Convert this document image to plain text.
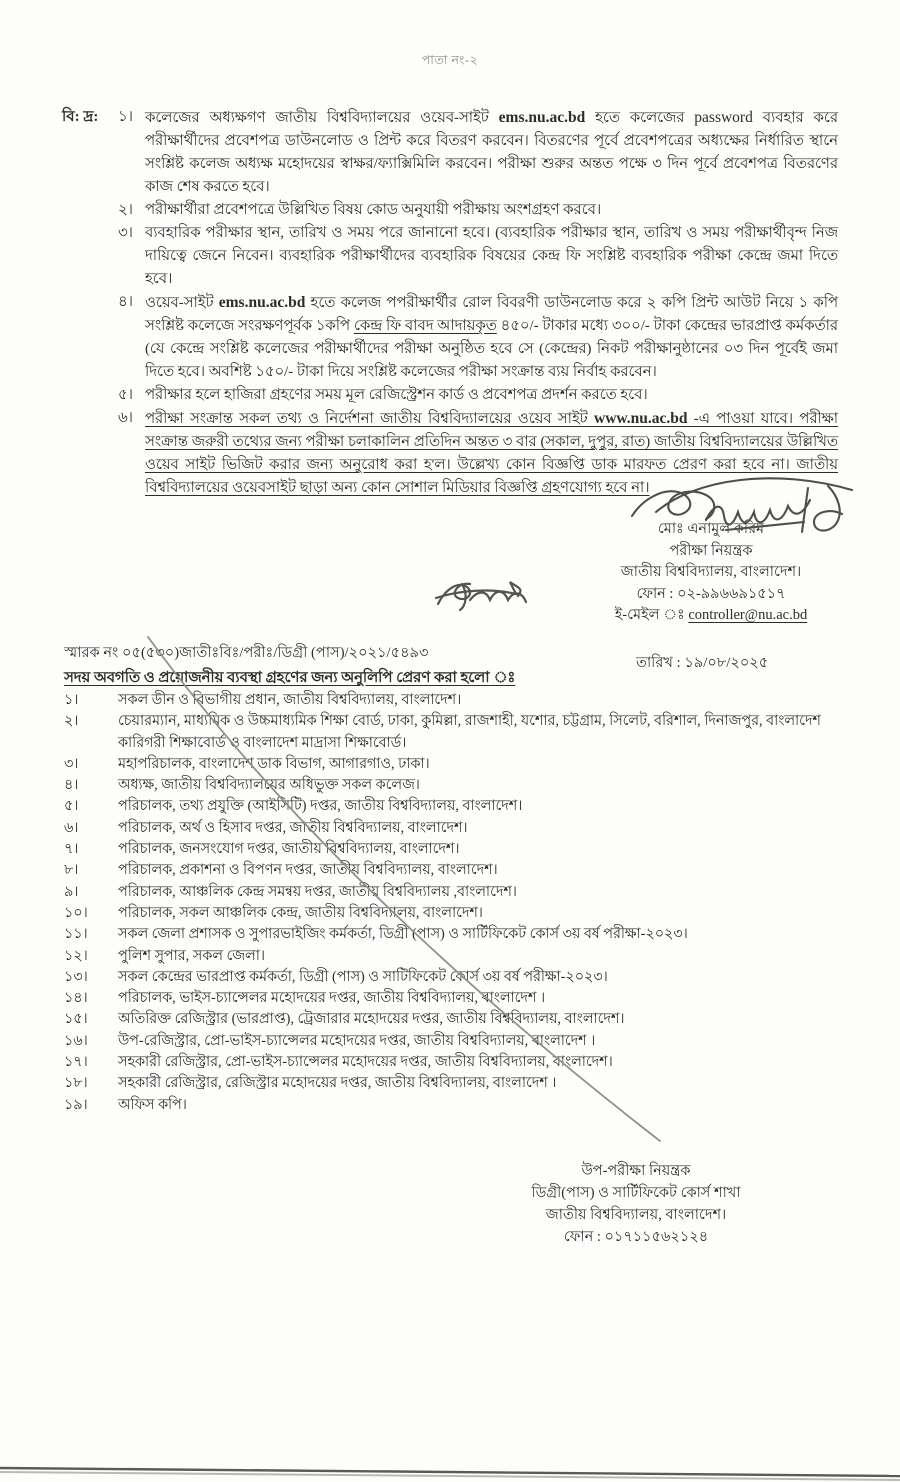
পাতা নং-২
বি: দ্র:	১। কলেজের অধ্যক্ষগণ জাতীয় বিশ্ববিদ্যালয়ের ওয়েব-সাইট ems.nu.ac.bd হতে কলেজের password ব্যবহার করে পরীক্ষার্থীদের প্রবেশপত্র ডাউনলোড ও প্রিন্ট করে বিতরণ করবেন। বিতরণের পূর্বে প্রবেশপত্রের অধ্যক্ষের নির্ধারিত স্থানে সংশ্লিষ্ট কলেজ অধ্যক্ষ মহোদয়ের স্বাক্ষর/ফ্যাক্সিমিলি করবেন। পরীক্ষা শুরুর অন্তত পক্ষে ৩ দিন পূর্বে প্রবেশপত্র বিতরণের কাজ শেষ করতে হবে।
২। পরীক্ষার্থীরা প্রবেশপত্রে উল্লিখিত বিষয় কোড অনুযায়ী পরীক্ষায় অংশগ্রহণ করবে।
৩। ব্যবহারিক পরীক্ষার স্থান, তারিখ ও সময় পরে জানানো হবে। (ব্যবহারিক পরীক্ষার স্থান, তারিখ ও সময় পরীক্ষার্থীবৃন্দ নিজ দায়িত্বে জেনে নিবেন। ব্যবহারিক পরীক্ষার্থীদের ব্যবহারিক বিষয়ের কেন্দ্র ফি সংশ্লিষ্ট ব্যবহারিক পরীক্ষা কেন্দ্রে জমা দিতে হবে।
৪। ওয়েব-সাইট ems.nu.ac.bd হতে কলেজ পপরীক্ষার্থীর রোল বিবরণী ডাউনলোড করে ২ কপি প্রিন্ট আউট নিয়ে ১ কপি সংশ্লিষ্ট কলেজে সংরক্ষণপূর্বক ১কপি কেন্দ্র ফি বাবদ আদায়কৃত ৪৫০/- টাকার মধ্যে ৩০০/- টাকা কেন্দ্রের ভারপ্রাপ্ত কর্মকর্তার (যে কেন্দ্রে সংশ্লিষ্ট কলেজের পরীক্ষার্থীদের পরীক্ষা অনুষ্ঠিত হবে সে (কেন্দ্রের) নিকট পরীক্ষানুষ্ঠানের ০৩ দিন পূর্বেই জমা দিতে হবে। অবশিষ্ট ১৫০/- টাকা দিয়ে সংশ্লিষ্ট কলেজের পরীক্ষা সংক্রান্ত ব্যয় নির্বাহ করবেন।
৫। পরীক্ষার হলে হাজিরা গ্রহণের সময় মূল রেজিস্ট্রেশন কার্ড ও প্রবেশপত্র প্রদর্শন করতে হবে।
৬। পরীক্ষা সংক্রান্ত সকল তথ্য ও নির্দেশনা জাতীয় বিশ্ববিদ্যালয়ের ওয়েব সাইট www.nu.ac.bd -এ পাওয়া যাবে। পরীক্ষা সংক্রান্ত জরুরী তথ্যের জন্য পরীক্ষা চলাকালিন প্রতিদিন অন্তত ৩ বার (সকাল, দুপুর, রাত) জাতীয় বিশ্ববিদ্যালয়ের উল্লিখিত ওয়েব সাইট ভিজিট করার জন্য অনুরোধ করা হ'ল। উল্লেখ্য কোন বিজ্ঞপ্তি ডাক মারফত প্রেরণ করা হবে না। জাতীয় বিশ্ববিদ্যালয়ের ওয়েবসাইট ছাড়া অন্য কোন সোশাল মিডিয়ার বিজ্ঞপ্তি গ্রহণযোগ্য হবে না।
মোঃ এনামুল করিম
পরীক্ষা নিয়ন্ত্রক
জাতীয় বিশ্ববিদ্যালয়, বাংলাদেশ।
ফোন : ০২-৯৯৬৬৯১৫১৭
ই-মেইল ঃ controller@nu.ac.bd
স্মারক নং ০৫(৫৩০)জাতীঃবিঃ/পরীঃ/ডিগ্রী (পাস)/২০২১/৫৪৯৩
তারিখ : ১৯/০৮/২০২৫
সদয় অবগতি ও প্রয়োজনীয় ব্যবস্থা গ্রহণের জন্য অনুলিপি প্রেরণ করা হলো ঃ
১।	সকল ডীন ও বিভাগীয় প্রধান, জাতীয় বিশ্ববিদ্যালয়, বাংলাদেশ।
২।	চেয়ারম্যান, মাধ্যমিক ও উচ্চমাধ্যমিক শিক্ষা বোর্ড, ঢাকা, কুমিল্লা, রাজশাহী, যশোর, চট্টগ্রাম, সিলেট, বরিশাল, দিনাজপুর, বাংলাদেশ কারিগরী শিক্ষাবোর্ড ও বাংলাদেশ মাদ্রাসা শিক্ষাবোর্ড।
৩।	মহাপরিচালক, বাংলাদেশ ডাক বিভাগ, আগারগাও, ঢাকা।
৪।	অধ্যক্ষ, জাতীয় বিশ্ববিদ্যালয়ের অধিভুক্ত সকল কলেজ।
৫।	পরিচালক, তথ্য প্রযুক্তি (আইসিটি) দপ্তর, জাতীয় বিশ্ববিদ্যালয়, বাংলাদেশ।
৬।	পরিচালক, অর্থ ও হিসাব দপ্তর, জাতীয় বিশ্ববিদ্যালয়, বাংলাদেশ।
৭।	পরিচালক, জনসংযোগ দপ্তর, জাতীয় বিশ্ববিদ্যালয়, বাংলাদেশ।
৮।	পরিচালক, প্রকাশনা ও বিপণন দপ্তর, জাতীয় বিশ্ববিদ্যালয়, বাংলাদেশ।
৯।	পরিচালক, আঞ্চলিক কেন্দ্র সমন্বয় দপ্তর, জাতীয় বিশ্ববিদ্যালয় ,বাংলাদেশ।
১০। পরিচালক, সকল আঞ্চলিক কেন্দ্র, জাতীয় বিশ্ববিদ্যালয়, বাংলাদেশ।
১১। সকল জেলা প্রশাসক ও সুপারভাইজিং কর্মকর্তা, ডিগ্রী (পাস) ও সার্টিফিকেট কোর্স ৩য় বর্ষ পরীক্ষা-২০২৩।
১২। পুলিশ সুপার, সকল জেলা।
১৩। সকল কেন্দ্রের ভারপ্রাপ্ত কর্মকর্তা, ডিগ্রী (পাস) ও সাটিফিকেট কোর্স ৩য় বর্ষ পরীক্ষা-২০২৩।
১৪। পরিচালক, ভাইস-চ্যান্সেলর মহোদয়ের দপ্তর, জাতীয় বিশ্ববিদ্যালয়, বাংলাদেশ ।
১৫। অতিরিক্ত রেজিস্ট্রার (ভারপ্রাপ্ত), ট্রেজারার মহোদয়ের দপ্তর, জাতীয় বিশ্ববিদ্যালয়, বাংলাদেশ।
১৬। উপ-রেজিস্ট্রার, প্রো-ভাইস-চ্যান্সেলর মহোদয়ের দপ্তর, জাতীয় বিশ্ববিদ্যালয়, বাংলাদেশ ।
১৭। সহকারী রেজিস্ট্রার, প্রো-ভাইস-চ্যান্সেলর মহোদয়ের দপ্তর, জাতীয় বিশ্ববিদ্যালয়, বাংলাদেশ।
১৮। সহকারী রেজিস্ট্রার, রেজিস্ট্রার মহোদয়ের দপ্তর, জাতীয় বিশ্ববিদ্যালয়, বাংলাদেশ ।
১৯। অফিস কপি।
উপ-পরীক্ষা নিয়ন্ত্রক
ডিগ্রী(পাস) ও সার্টিফিকেট কোর্স শাখা
জাতীয় বিশ্ববিদ্যালয়, বাংলাদেশ।
ফোন : ০১৭১১৫৬২১২৪
